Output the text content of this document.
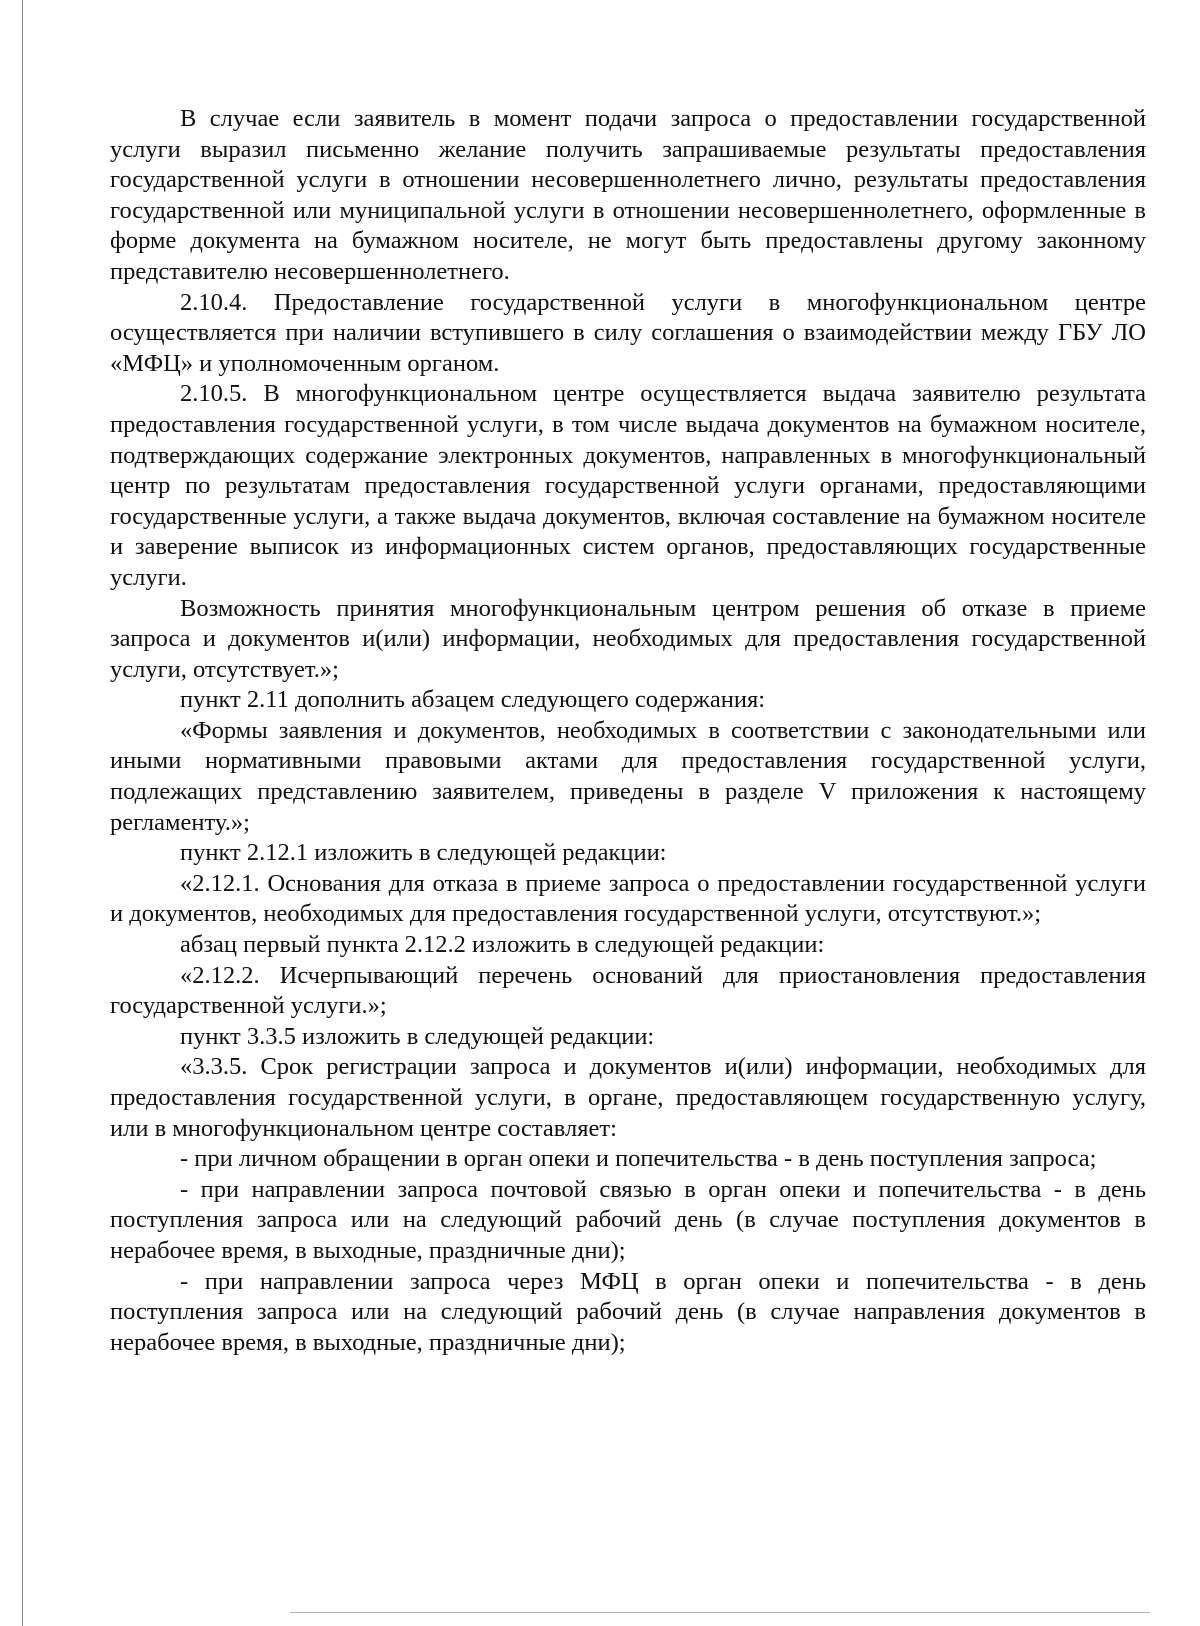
В случае если заявитель в момент подачи запроса о предоставлении государственной услуги выразил письменно желание получить запрашиваемые результаты предоставления государственной услуги в отношении несовершеннолетнего лично, результаты предоставления государственной или муниципальной услуги в отношении несовершеннолетнего, оформленные в форме документа на бумажном носителе, не могут быть предоставлены другому законному представителю несовершеннолетнего.

2.10.4. Предоставление государственной услуги в многофункциональном центре осуществляется при наличии вступившего в силу соглашения о взаимодействии между ГБУ ЛО «МФЦ» и уполномоченным органом.

2.10.5. В многофункциональном центре осуществляется выдача заявителю результата предоставления государственной услуги, в том числе выдача документов на бумажном носителе, подтверждающих содержание электронных документов, направленных в многофункциональный центр по результатам предоставления государственной услуги органами, предоставляющими государственные услуги, а также выдача документов, включая составление на бумажном носителе и заверение выписок из информационных систем органов, предоставляющих государственные услуги.

Возможность принятия многофункциональным центром решения об отказе в приеме запроса и документов и(или) информации, необходимых для предоставления государственной услуги, отсутствует.»;

пункт 2.11 дополнить абзацем следующего содержания:

«Формы заявления и документов, необходимых в соответствии с законодательными или иными нормативными правовыми актами для предоставления государственной услуги, подлежащих представлению заявителем, приведены в разделе V приложения к настоящему регламенту.»;

пункт 2.12.1 изложить в следующей редакции:

«2.12.1. Основания для отказа в приеме запроса о предоставлении государственной услуги и документов, необходимых для предоставления государственной услуги, отсутствуют.»;

абзац первый пункта 2.12.2 изложить в следующей редакции:

«2.12.2. Исчерпывающий перечень оснований для приостановления предоставления государственной услуги.»;

пункт 3.3.5 изложить в следующей редакции:

«3.3.5. Срок регистрации запроса и документов и(или) информации, необходимых для предоставления государственной услуги, в органе, предоставляющем государственную услугу, или в многофункциональном центре составляет:

- при личном обращении в орган опеки и попечительства - в день поступления запроса;

- при направлении запроса почтовой связью в орган опеки и попечительства - в день поступления запроса или на следующий рабочий день (в случае поступления документов в нерабочее время, в выходные, праздничные дни);

- при направлении запроса через МФЦ в орган опеки и попечительства - в день поступления запроса или на следующий рабочий день (в случае направления документов в нерабочее время, в выходные, праздничные дни);
